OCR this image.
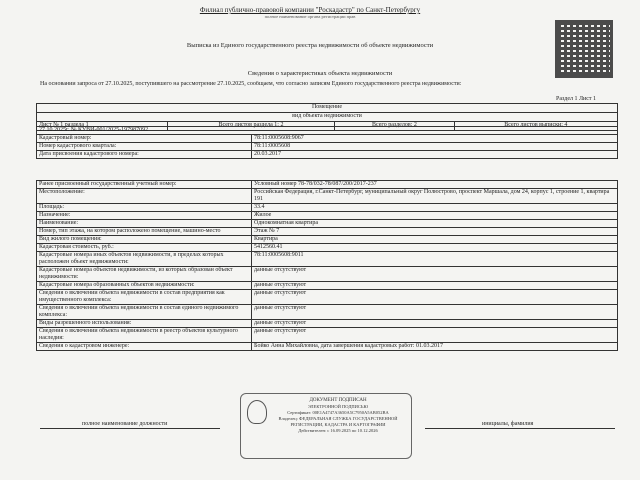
Филиал публично-правовой компании "Роскадастр" по Санкт-Петербургу
полное наименование органа регистрации прав
Выписка из Единого государственного реестра недвижимости об объекте недвижимости
Сведения о характеристиках объекта недвижимости
На основании запроса от 27.10.2025, поступившего на рассмотрение 27.10.2025, сообщаем, что согласно записям Единого государственного реестра недвижимости:
Раздел 1 Лист 1
Помещение
вид объекта недвижимости
Лист № 1 раздела 1	Всего листов раздела 1: 2	Всего разделов: 2	Всего листов выписки: 4
27.10.2025г. № КУВИ-001/2025-197987092	
Кадастровый номер:	78:11:0005608:9067
Номер кадастрового квартала:	78:11:0005608
Дата присвоения кадастрового номера:	20.03.2017
Ранее присвоенный государственный учетный номер:	Условный номер 78-78/032-78/087/200/2017-237
Местоположение:	Российская Федерация, г.Санкт-Петербург, муниципальный округ Полюстрово, проспект Маршала, дом 24, корпус 1, строение 1, квартира 191
Площадь:	33.4
Назначение:	Жилое
Наименование:	Однокомнатная квартира
Номер, тип этажа, на котором расположено помещение, машино-место	Этаж № 7
Вид жилого помещения:	Квартира
Кадастровая стоимость, руб.:	5412560.41
Кадастровые номера иных объектов недвижимости, в пределах которых расположен объект недвижимости:	78:11:0005608:9011
Кадастровые номера объектов недвижимости, из которых образован объект недвижимости:	данные отсутствуют
Кадастровые номера образованных объектов недвижимости:	данные отсутствуют
Сведения о включении объекта недвижимости в состав предприятия как имущественного комплекса:	данные отсутствуют
Сведения о включении объекта недвижимости в состав единого недвижимого комплекса:	данные отсутствуют
Виды разрешенного использования:	данные отсутствуют
Сведения о включении объекта недвижимости в реестр объектов культурного наследия:	данные отсутствуют
Сведения о кадастровом инженере:	Бойко Анна Михайловна, дата завершения кадастровых работ: 01.03.2017
ДОКУМЕНТ ПОДПИСАН
ЭЛЕКТРОННОЙ ПОДПИСЬЮ
Сертификат: 00E1A4747A3650A5C7950A5AB052BA
Владелец: ФЕДЕРАЛЬНАЯ СЛУЖБА ГОСУДАРСТВЕННОЙ
РЕГИСТРАЦИИ, КАДАСТРА И КАРТОГРАФИИ
Действителен: с 16.09.2025 по 10.12.2026
полное наименование должности	инициалы, фамилия
